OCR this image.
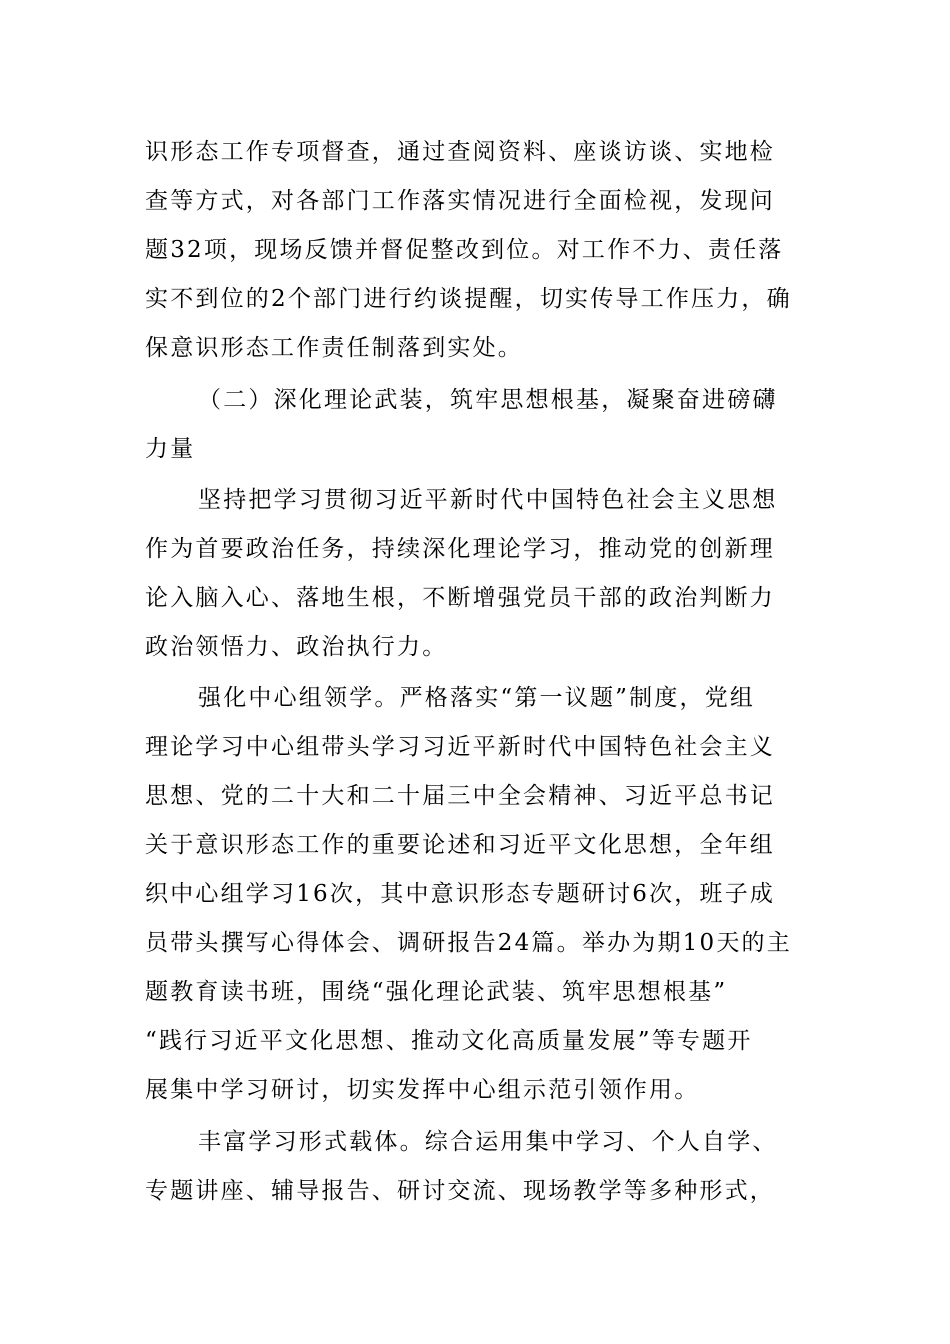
识形态工作专项督查，通过查阅资料、座谈访谈、实地检
查等方式，对各部门工作落实情况进行全面检视，发现问
题32项，现场反馈并督促整改到位。对工作不力、责任落
实不到位的2个部门进行约谈提醒，切实传导工作压力，确
保意识形态工作责任制落到实处。
（二）深化理论武装，筑牢思想根基，凝聚奋进磅礴
力量
坚持把学习贯彻习近平新时代中国特色社会主义思想
作为首要政治任务，持续深化理论学习，推动党的创新理
论入脑入心、落地生根，不断增强党员干部的政治判断力
政治领悟力、政治执行力。
强化中心组领学。严格落实“第一议题”制度，党组
理论学习中心组带头学习习近平新时代中国特色社会主义
思想、党的二十大和二十届三中全会精神、习近平总书记
关于意识形态工作的重要论述和习近平文化思想，全年组
织中心组学习16次，其中意识形态专题研讨6次，班子成
员带头撰写心得体会、调研报告24篇。举办为期10天的主
题教育读书班，围绕“强化理论武装、筑牢思想根基”
“践行习近平文化思想、推动文化高质量发展”等专题开
展集中学习研讨，切实发挥中心组示范引领作用。
丰富学习形式载体。综合运用集中学习、个人自学、
专题讲座、辅导报告、研讨交流、现场教学等多种形式，
